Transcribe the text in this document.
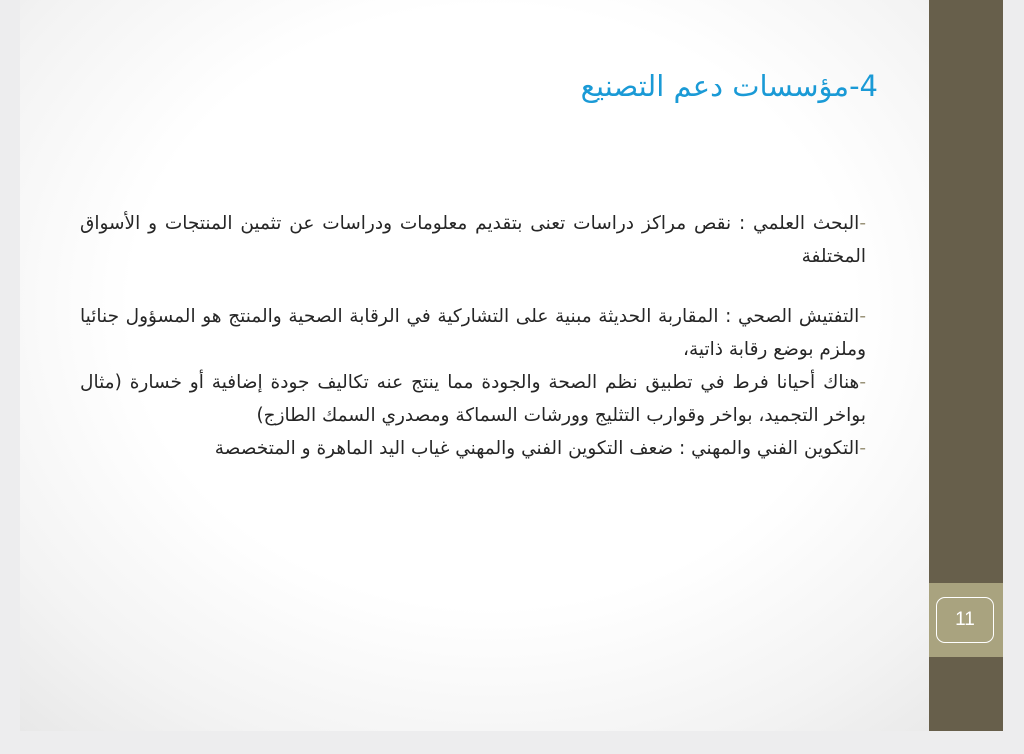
11
4-مؤسسات دعم التصنيع

-البحث العلمي : نقص مراكز دراسات تعنى بتقديم معلومات ودراسات عن تثمين المنتجات و الأسواق المختلفة

-التفتيش الصحي : المقاربة الحديثة مبنية على التشاركية في الرقابة الصحية والمنتج هو المسؤول جنائيا وملزم بوضع رقابة ذاتية،

-هناك أحيانا فرط في تطبيق نظم الصحة والجودة مما ينتج عنه تكاليف جودة إضافية أو خسارة (مثال بواخر التجميد، بواخر وقوارب التثليج وورشات السماكة ومصدري السمك الطازج)

-التكوين الفني والمهني : ضعف التكوين الفني والمهني غياب اليد الماهرة و المتخصصة
